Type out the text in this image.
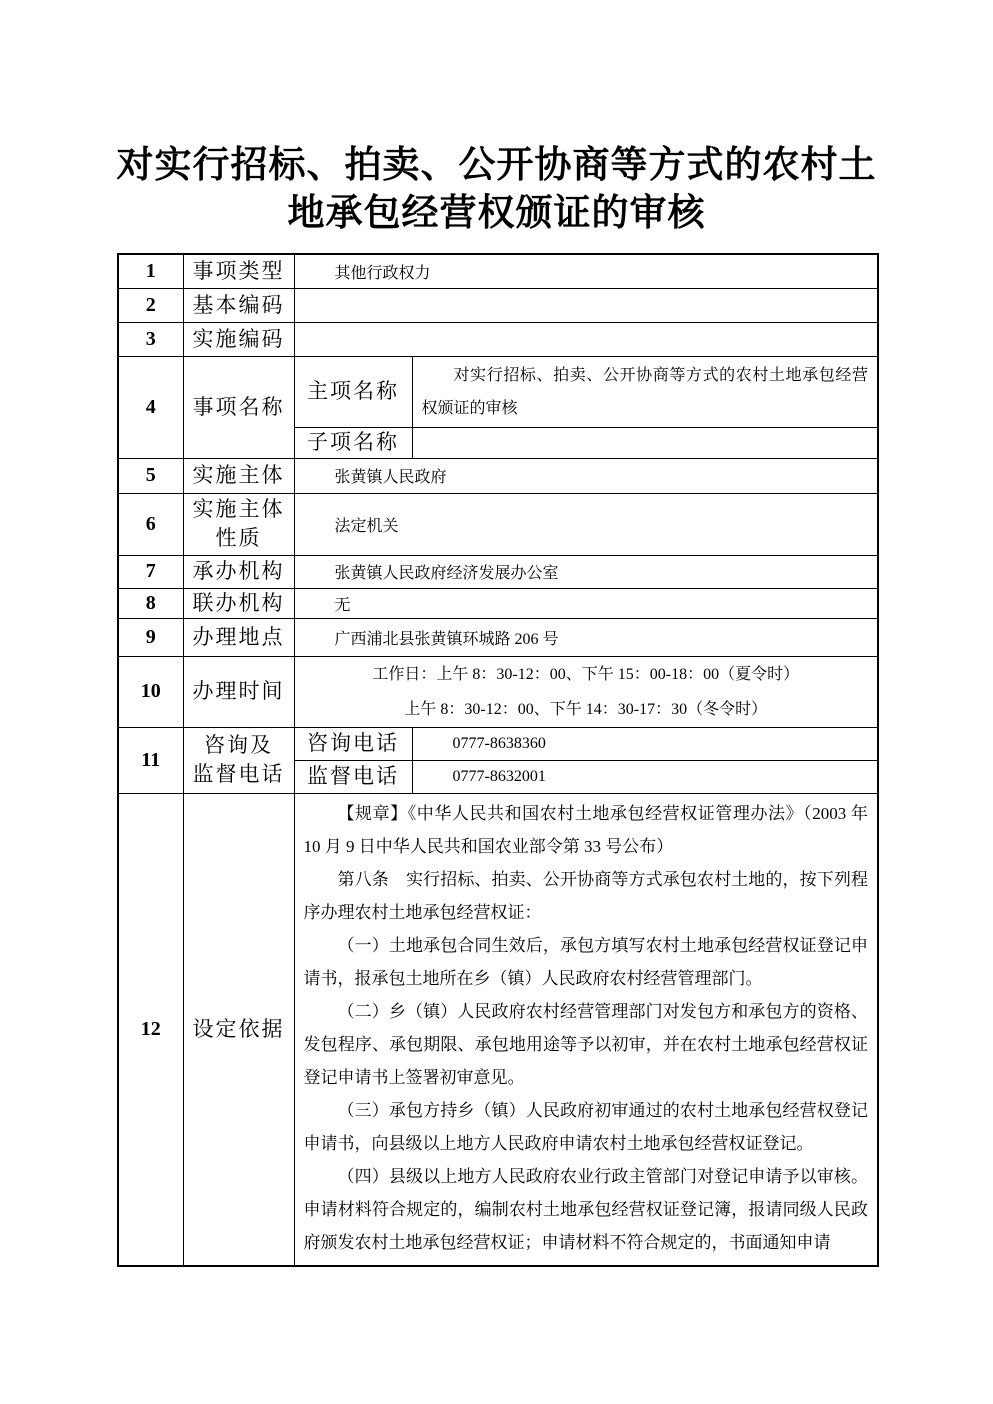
对实行招标、拍卖、公开协商等方式的农村土
地承包经营权颁证的审核
1	事项类型	其他行政权力	
2	基本编码		
3	实施编码		
4	事项名称	主项名称	对实行招标、拍卖、公开协商等方式的农村土地承包经营权颁证的审核

		子项名称	
5	实施主体	张黄镇人民政府	
6	实施主体
性质	法定机关	
7	承办机构	张黄镇人民政府经济发展办公室	
8	联办机构	无	
9	办理地点	广西浦北县张黄镇环城路 206 号	
10	办理时间	工作日：上午 8：30-12：00、下午 15：00-18：00（夏令时）
上午 8：30-12：00、下午 14：30-17：30（冬令时）	

11	咨询及
监督电话	咨询电话	0777-8638360
		监督电话	0777-8632001
12	设定依据	

【规章】《中华人民共和国农村土地承包经营权证管理办法》（2003 年 10 月 9 日中华人民共和国农业部令第 33 号公布）

第八条　实行招标、拍卖、公开协商等方式承包农村土地的，按下列程序办理农村土地承包经营权证：

（一）土地承包合同生效后，承包方填写农村土地承包经营权证登记申请书，报承包土地所在乡（镇）人民政府农村经营管理部门。

（二）乡（镇）人民政府农村经营管理部门对发包方和承包方的资格、发包程序、承包期限、承包地用途等予以初审，并在农村土地承包经营权证登记申请书上签署初审意见。

（三）承包方持乡（镇）人民政府初审通过的农村土地承包经营权登记申请书，向县级以上地方人民政府申请农村土地承包经营权证登记。

（四）县级以上地方人民政府农业行政主管部门对登记申请予以审核。申请材料符合规定的，编制农村土地承包经营权证登记簿，报请同级人民政府颁发农村土地承包经营权证；申请材料不符合规定的，书面通知申请
